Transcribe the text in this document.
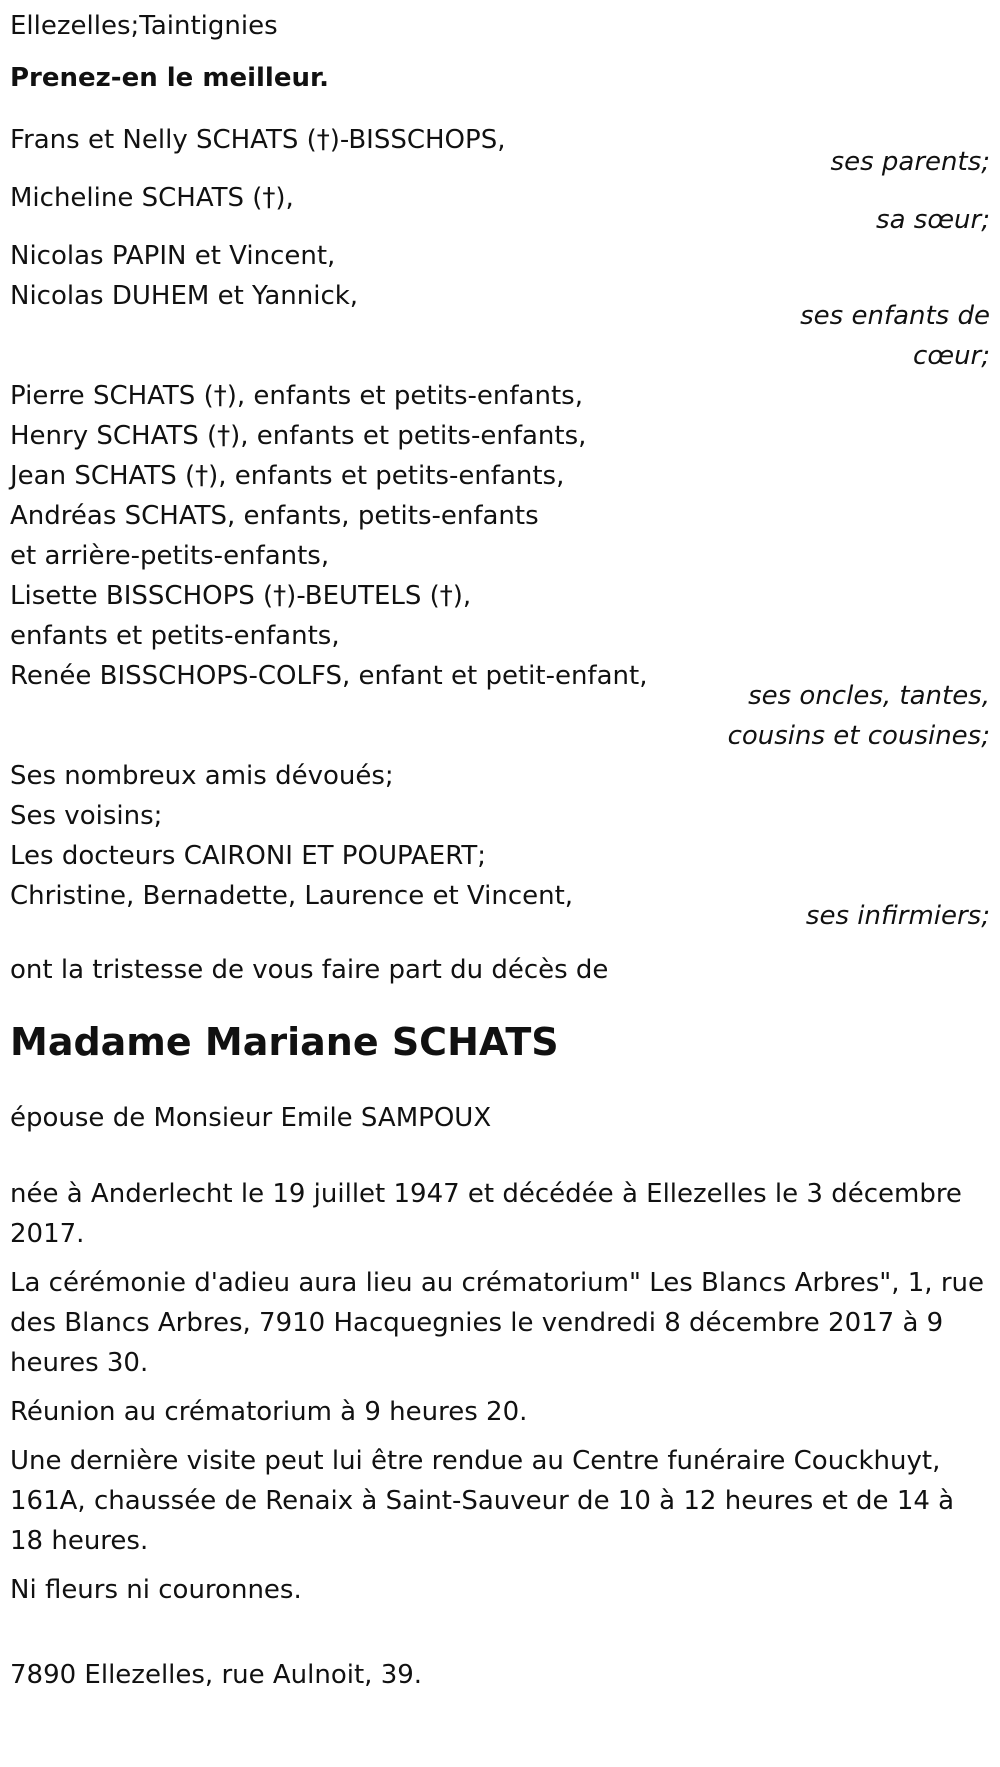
Ellezelles;Taintignies
Prenez-en le meilleur.
Frans et Nelly SCHATS (†)-BISSCHOPS,
ses parents;
Micheline SCHATS (†),
sa sœur;
Nicolas PAPIN et Vincent,
Nicolas DUHEM et Yannick,
ses enfants de
cœur;
Pierre SCHATS (†), enfants et petits-enfants,
Henry SCHATS (†), enfants et petits-enfants,
Jean SCHATS (†), enfants et petits-enfants,
Andréas SCHATS, enfants, petits-enfants
et arrière-petits-enfants,
Lisette BISSCHOPS (†)-BEUTELS (†),
enfants et petits-enfants,
Renée BISSCHOPS-COLFS, enfant et petit-enfant,
ses oncles, tantes,
cousins et cousines;
Ses nombreux amis dévoués;
Ses voisins;
Les docteurs CAIRONI ET POUPAERT;
Christine, Bernadette, Laurence et Vincent,
ses infirmiers;
ont la tristesse de vous faire part du décès de
Madame Mariane SCHATS
épouse de Monsieur Emile SAMPOUX
née à Anderlecht le 19 juillet 1947 et décédée à Ellezelles le 3 décembre 2017.
La cérémonie d'adieu aura lieu au crématorium" Les Blancs Arbres", 1, rue des Blancs Arbres, 7910 Hacquegnies le vendredi 8 décembre 2017 à 9 heures 30.
Réunion au crématorium à 9 heures 20.
Une dernière visite peut lui être rendue au Centre funéraire Couckhuyt, 161A, chaussée de Renaix à Saint-Sauveur de 10 à 12 heures et de 14 à 18 heures.
Ni fleurs ni couronnes.
7890 Ellezelles, rue Aulnoit, 39.
